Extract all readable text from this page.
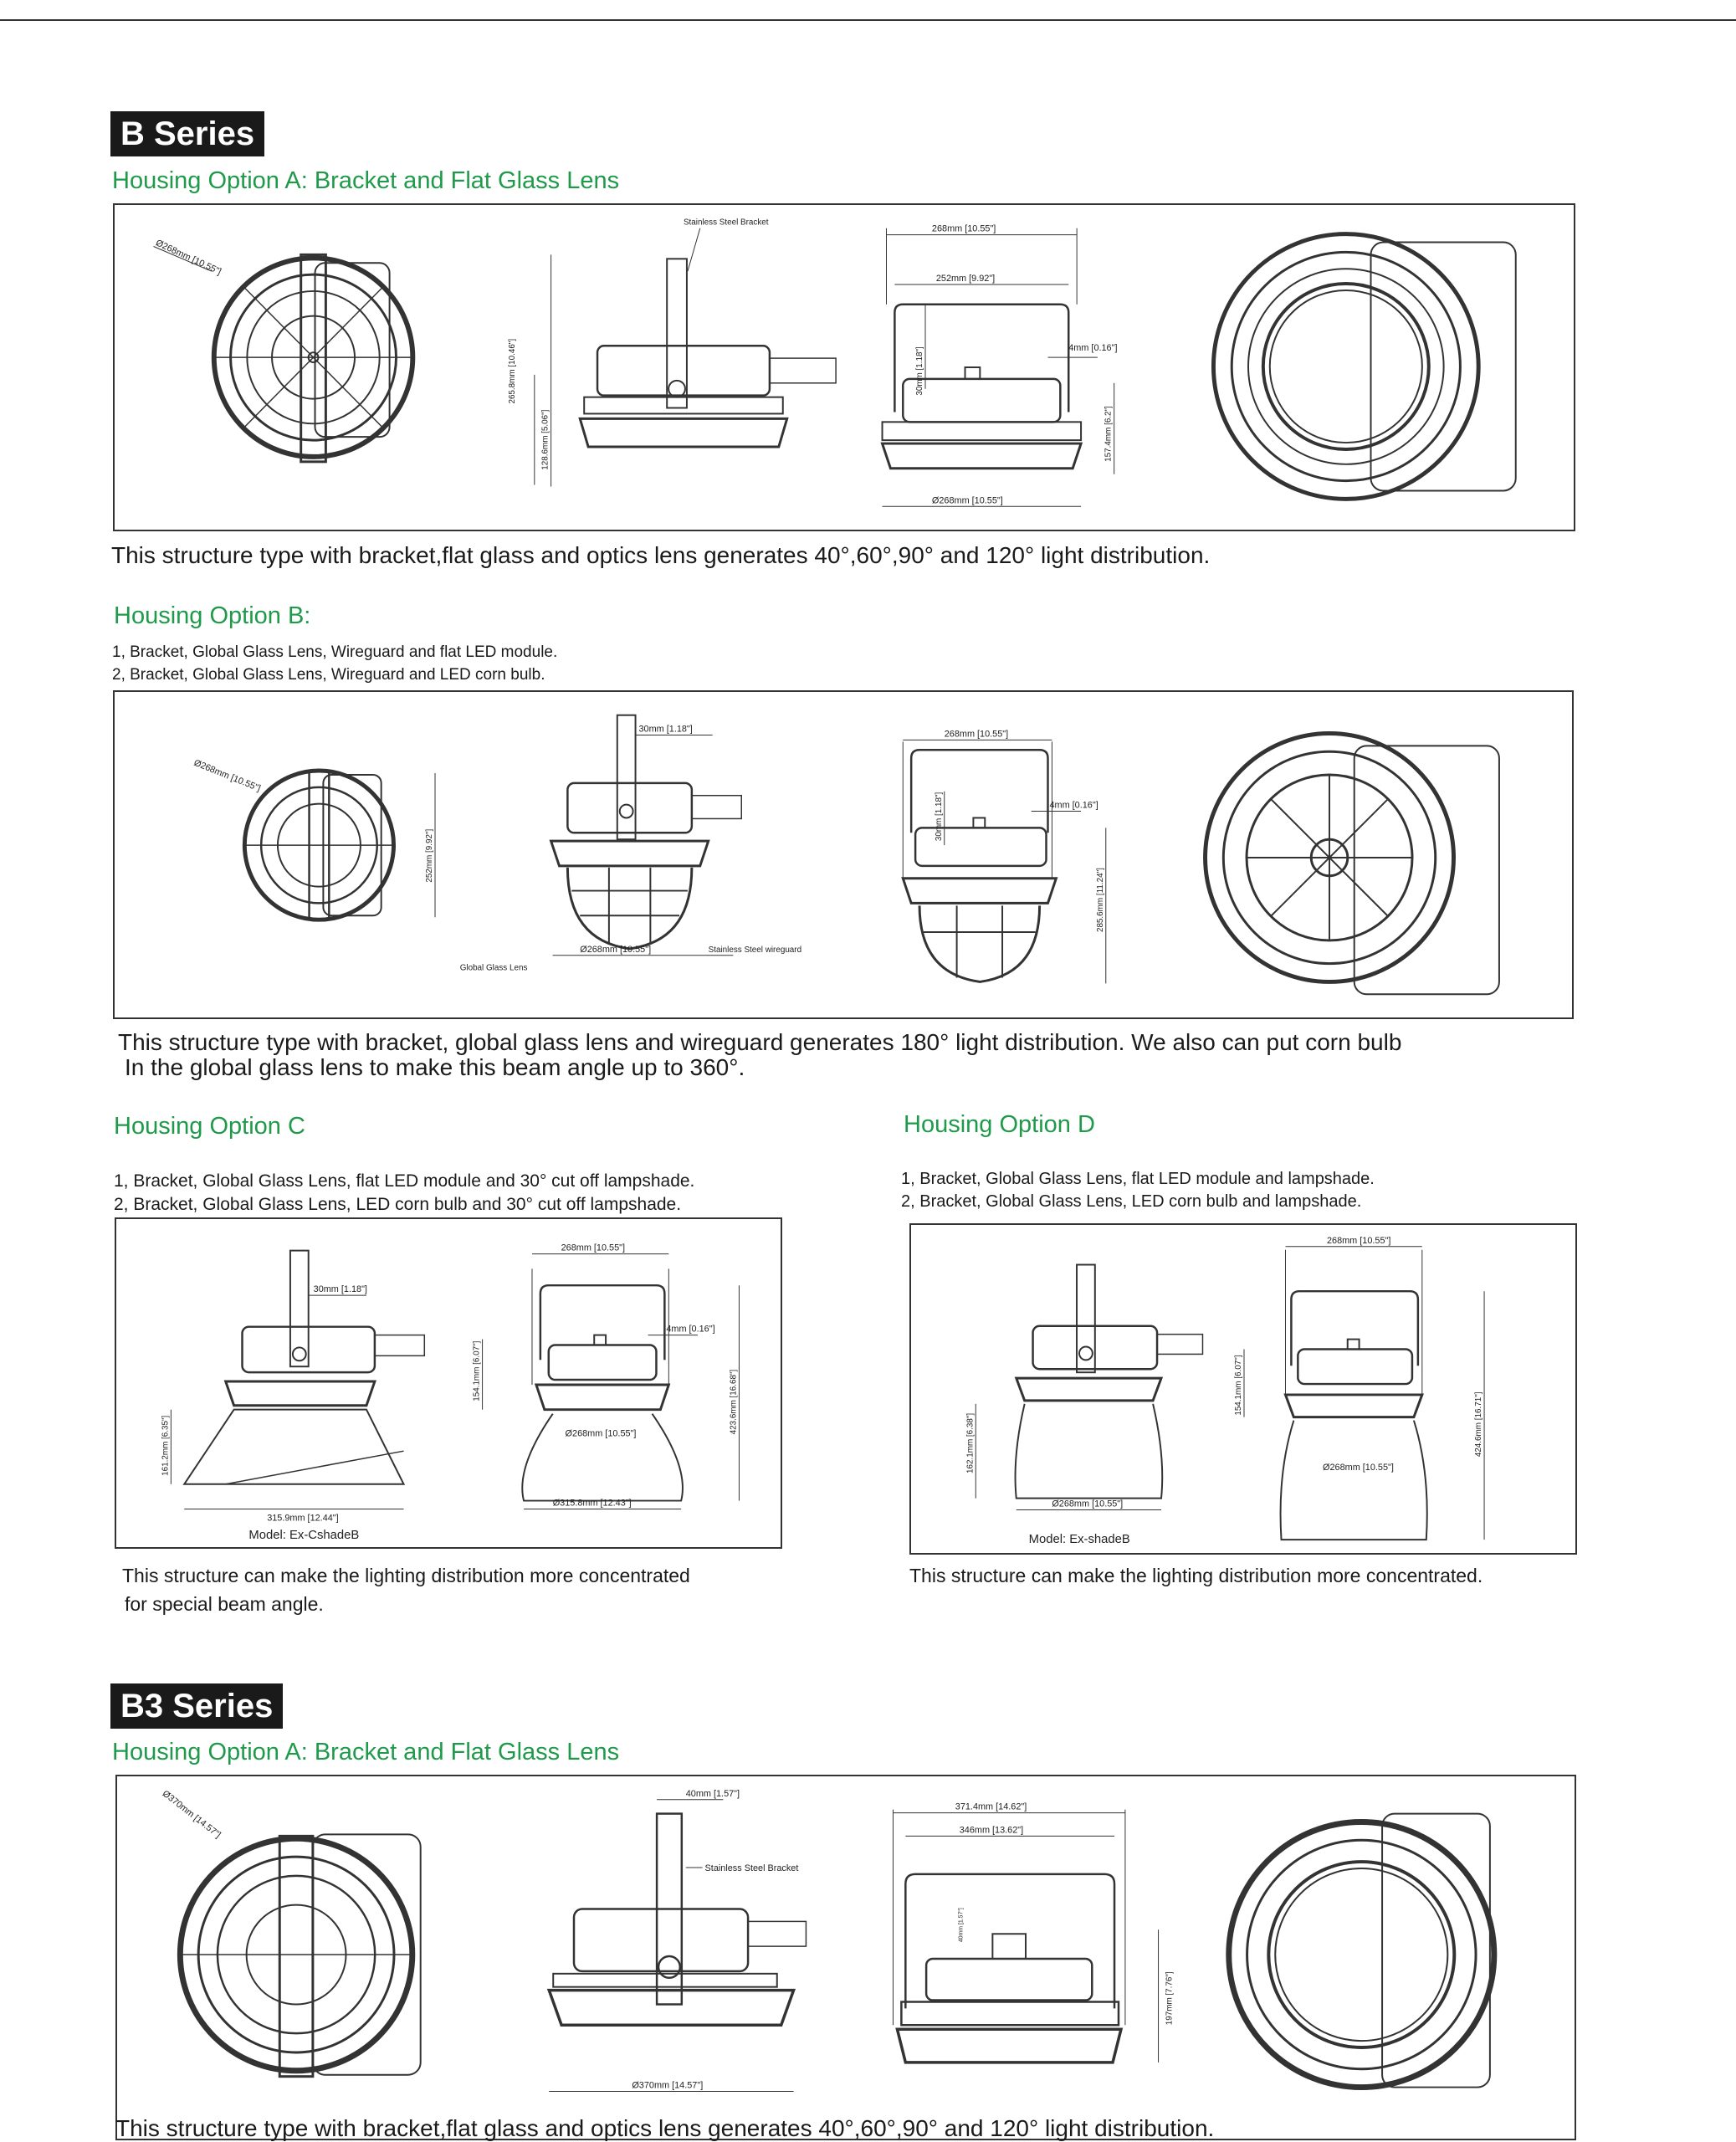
B Series
Housing Option A: Bracket and Flat Glass Lens
Ø268mm [10.55"]
Stainless Steel Bracket
265.8mm [10.46"]
128.6mm [5.06"]
268mm [10.55"]
252mm [9.92"]
30mm [1.18"]	4mm [0.16"]
157.4mm [6.2"]
Ø268mm [10.55"]
This structure type with bracket,flat glass and optics lens generates 40°,60°,90° and 120° light distribution.
Housing Option B:
1, Bracket, Global Glass Lens, Wireguard and flat LED module.
2, Bracket, Global Glass Lens, Wireguard and LED corn bulb.
Ø268mm [10.55"]
252mm [9.92"]
30mm [1.18"]
Global Glass Lens
Ø268mm [10.55"]	Stainless Steel wireguard
268mm [10.55"]
30mm [1.18"]	4mm [0.16"]
285.6mm [11.24"]
This structure type with bracket, global glass lens and wireguard generates 180° light distribution. We also can put corn bulb
In the global glass lens to make this beam angle up to 360°.
Housing Option C
1, Bracket, Global Glass Lens, flat LED module and 30° cut off lampshade.
2, Bracket, Global Glass Lens, LED corn bulb and 30° cut off lampshade.
30mm [1.18"]
161.2mm [6.35"]
315.9mm [12.44"]
Model: Ex-CshadeB
268mm [10.55"]
4mm [0.16"]
154.1mm [6.07"]	423.6mm [16.68"]
Ø268mm [10.55"]
Ø315.8mm [12.43"]
This structure can make the lighting distribution more concentrated
for special beam angle.
Housing Option D
1, Bracket, Global Glass Lens, flat LED module and lampshade.
2, Bracket, Global Glass Lens, LED corn bulb and lampshade.
162.1mm [6.38"]
Ø268mm [10.55"]
Model: Ex-shadeB
268mm [10.55"]
154.1mm [6.07"]
424.6mm [16.71"]
Ø268mm [10.55"]
This structure can make the lighting distribution more concentrated.
B3 Series
Housing Option A: Bracket and Flat Glass Lens
Ø370mm [14.57"]	40mm [1.57"]
Stainless Steel Bracket
Ø370mm [14.57"]
371.4mm [14.62"]
346mm [13.62"]
40mm [1.57"]
197mm [7.76"]
This structure type with bracket,flat glass and optics lens generates 40°,60°,90° and 120° light distribution.
